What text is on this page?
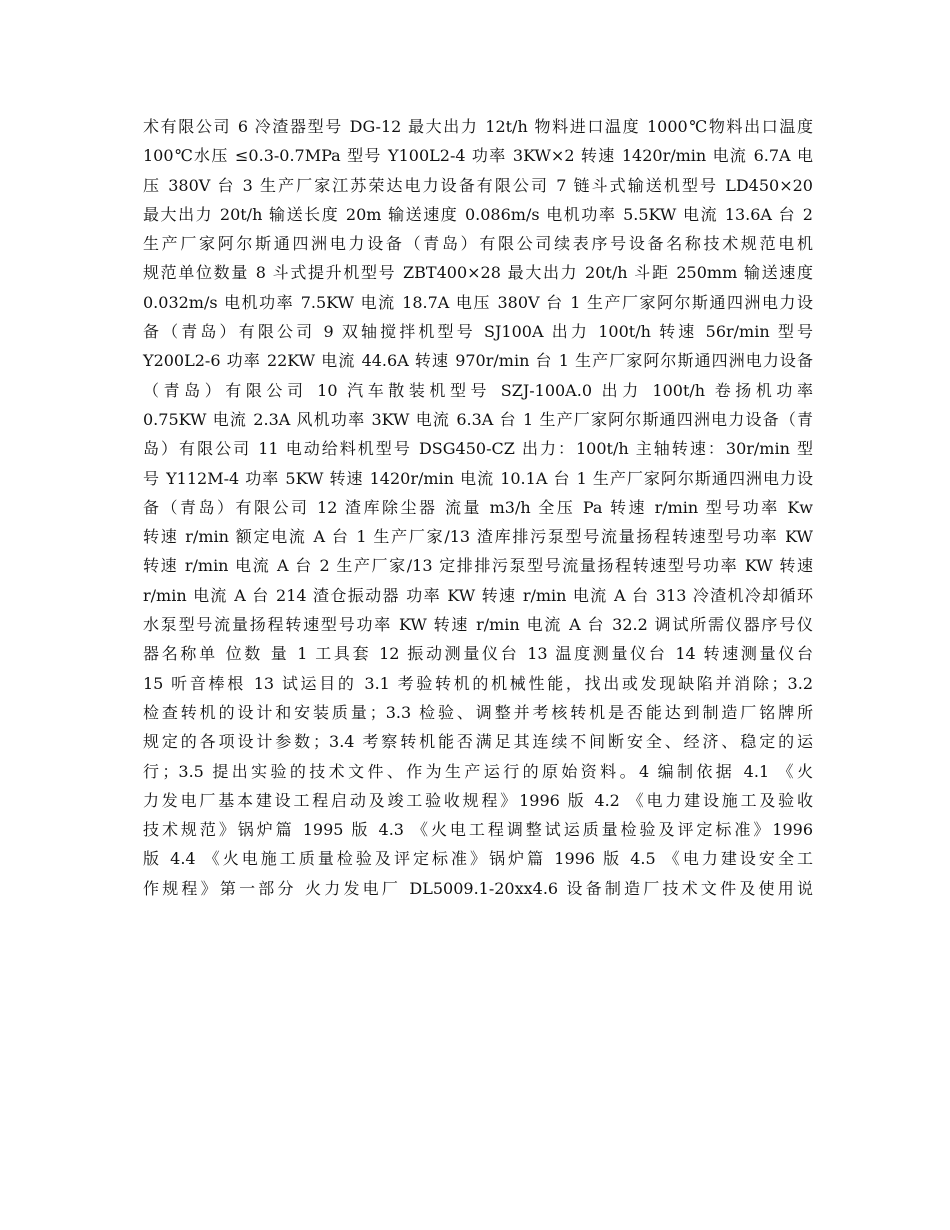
术有限公司 6 冷渣器型号 DG-12 最大出力 12t/h 物料进口温度 1000℃物料出口温度
100℃水压 ≤0.3-0.7MPa 型号 Y100L2-4 功率 3KW×2 转速 1420r/min 电流 6.7A 电
压 380V 台 3 生产厂家江苏荣达电力设备有限公司 7 链斗式输送机型号 LD450×20
最大出力 20t/h 输送长度 20m 输送速度 0.086m/s 电机功率 5.5KW 电流 13.6A 台 2
生产厂家阿尔斯通四洲电力设备（青岛）有限公司续表序号设备名称技术规范电机
规范单位数量 8 斗式提升机型号 ZBT400×28 最大出力 20t/h 斗距 250mm 输送速度
0.032m/s 电机功率 7.5KW 电流 18.7A 电压 380V 台 1 生产厂家阿尔斯通四洲电力设
备（青岛）有限公司 9 双轴搅拌机型号 SJ100A 出力 100t/h 转速 56r/min 型号
Y200L2-6 功率 22KW 电流 44.6A 转速 970r/min 台 1 生产厂家阿尔斯通四洲电力设备
（青岛）有限公司 10 汽车散装机型号 SZJ-100A.0 出力 100t/h 卷扬机功率
0.75KW 电流 2.3A 风机功率 3KW 电流 6.3A 台 1 生产厂家阿尔斯通四洲电力设备（青
岛）有限公司 11 电动给料机型号 DSG450-CZ 出力：100t/h 主轴转速：30r/min 型
号 Y112M-4 功率 5KW 转速 1420r/min 电流 10.1A 台 1 生产厂家阿尔斯通四洲电力设
备（青岛）有限公司 12 渣库除尘器 流量 m3/h 全压 Pa 转速 r/min 型号功率 Kw
转速 r/min 额定电流 A 台 1 生产厂家/13 渣库排污泵型号流量扬程转速型号功率 KW
转速 r/min 电流 A 台 2 生产厂家/13 定排排污泵型号流量扬程转速型号功率 KW 转速
r/min 电流 A 台 214 渣仓振动器 功率 KW 转速 r/min 电流 A 台 313 冷渣机冷却循环
水泵型号流量扬程转速型号功率 KW 转速 r/min 电流 A 台 32.2 调试所需仪器序号仪
器名称单 位数 量 1 工具套 12 振动测量仪台 13 温度测量仪台 14 转速测量仪台
15 听音棒根 13 试运目的 3.1 考验转机的机械性能，找出或发现缺陷并消除；3.2
检查转机的设计和安装质量；3.3 检验、调整并考核转机是否能达到制造厂铭牌所
规定的各项设计参数；3.4 考察转机能否满足其连续不间断安全、经济、稳定的运
行；3.5 提出实验的技术文件、作为生产运行的原始资料。4 编制依据 4.1 《火
力发电厂基本建设工程启动及竣工验收规程》1996 版 4.2 《电力建设施工及验收
技术规范》锅炉篇 1995 版 4.3 《火电工程调整试运质量检验及评定标准》1996
版 4.4 《火电施工质量检验及评定标准》锅炉篇 1996 版 4.5 《电力建设安全工
作规程》第一部分 火力发电厂 DL5009.1-20xx4.6 设备制造厂技术文件及使用说
